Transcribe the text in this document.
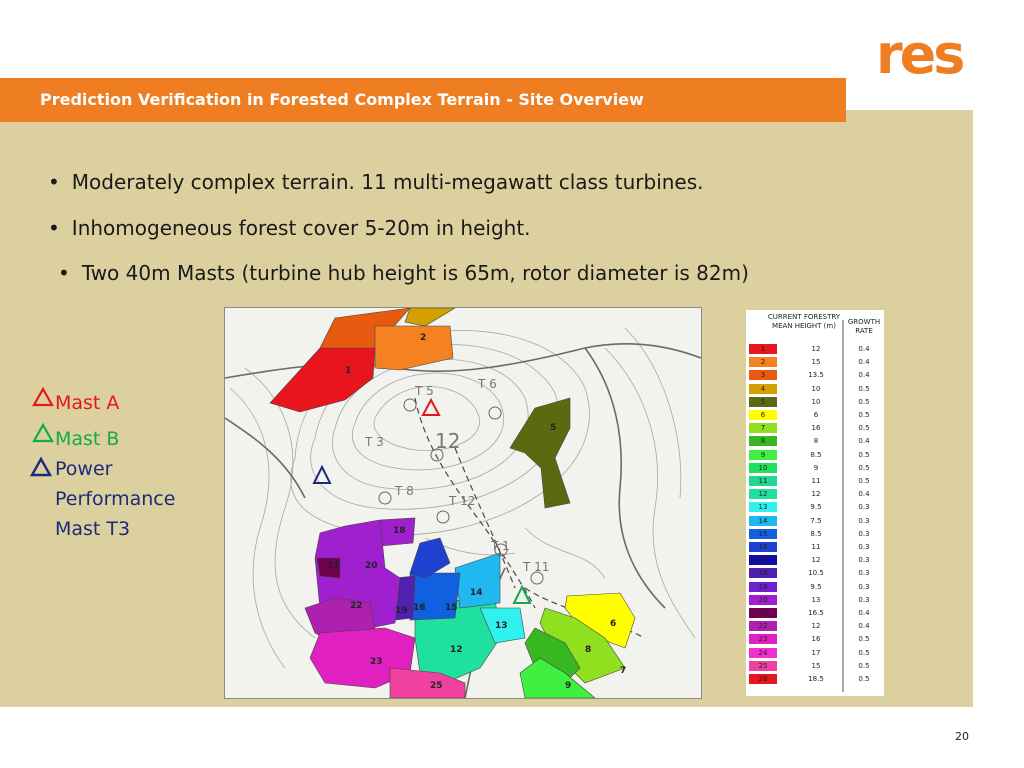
res
Prediction Verification in Forested Complex Terrain - Site Overview
• Moderately complex terrain. 11 multi-megawatt class turbines.
• Inhomogeneous forest cover 5-20m in height.
• Two 40m Masts (turbine hub height is 65m, rotor diameter is 82m)
Mast A
Mast B
Power
Performance
Mast T3
2
1
5
6
7
8
9
12
13
14
15
16
18
19
20
21
22
23
25
T 5	T 6
T 3
T 8
T 12
T 1
T 11
12
CURRENT FORESTRY MEAN HEIGHT (m)	GROWTH RATE
1	12	0.4
2	15	0.4
3	13.5	0.4
4	10	0.5
5	10	0.5
6	6	0.5
7	16	0.5
8	8	0.4
9	8.5	0.5
10	9	0.5
11	11	0.5
12	12	0.4
13	9.5	0.3
14	7.5	0.3
15	8.5	0.3
16	11	0.3
17	12	0.3
18	10.5	0.3
19	9.5	0.3
20	13	0.3
21	16.5	0.4
22	12	0.4
23	16	0.5
24	17	0.5
25	15	0.5
26	18.5	0.5
20
